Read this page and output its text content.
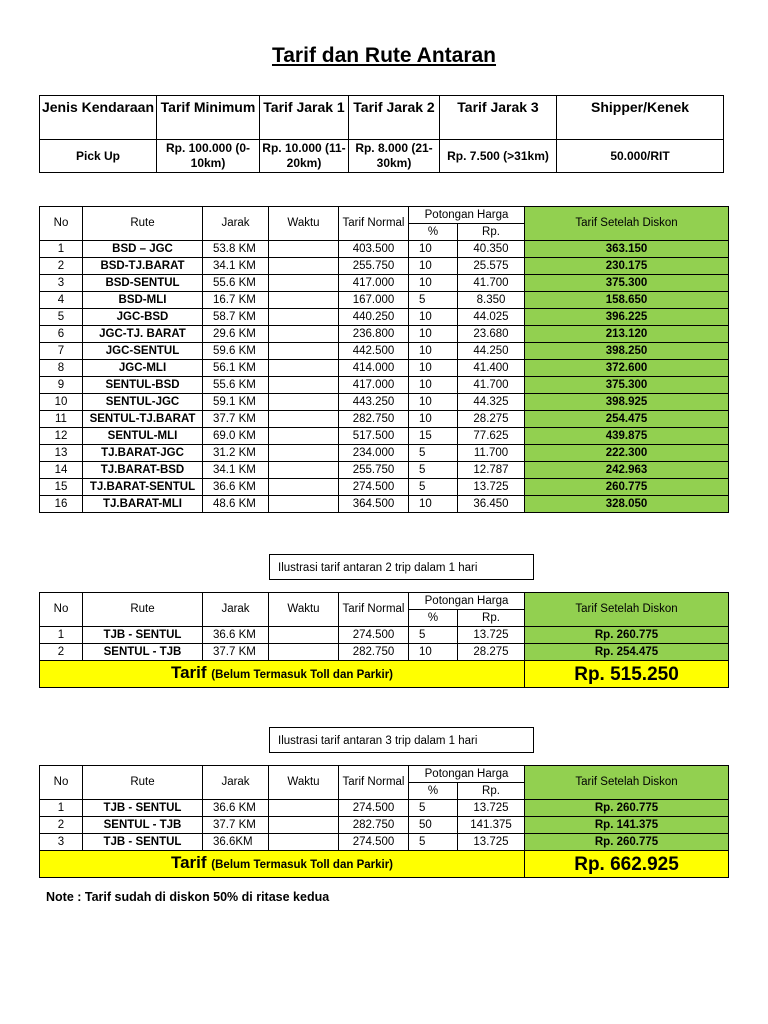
Tarif dan Rute Antaran
Jenis Kendaraan	Tarif Minimum	Tarif Jarak 1	Tarif Jarak 2	Tarif Jarak 3	Shipper/Kenek
Pick Up	Rp. 100.000 (0-10km)	Rp. 10.000 (11-20km)	Rp. 8.000 (21-30km)	Rp. 7.500 (>31km)	50.000/RIT
No	Rute	Jarak	Waktu	Tarif Normal	Potongan Harga		Tarif Setelah Diskon
					%	Rp.	
1	BSD – JGC	53.8 KM		403.500	10	40.350	363.150
2	BSD-TJ.BARAT	34.1 KM		255.750	10	25.575	230.175
3	BSD-SENTUL	55.6 KM		417.000	10	41.700	375.300
4	BSD-MLI	16.7 KM		167.000	5	8.350	158.650
5	JGC-BSD	58.7 KM		440.250	10	44.025	396.225
6	JGC-TJ. BARAT	29.6 KM		236.800	10	23.680	213.120
7	JGC-SENTUL	59.6 KM		442.500	10	44.250	398.250
8	JGC-MLI	56.1 KM		414.000	10	41.400	372.600
9	SENTUL-BSD	55.6 KM		417.000	10	41.700	375.300
10	SENTUL-JGC	59.1 KM		443.250	10	44.325	398.925
11	SENTUL-TJ.BARAT	37.7 KM		282.750	10	28.275	254.475
12	SENTUL-MLI	69.0 KM		517.500	15	77.625	439.875
13	TJ.BARAT-JGC	31.2 KM		234.000	5	11.700	222.300
14	TJ.BARAT-BSD	34.1 KM		255.750	5	12.787	242.963
15	TJ.BARAT-SENTUL	36.6 KM		274.500	5	13.725	260.775
16	TJ.BARAT-MLI	48.6 KM		364.500	10	36.450	328.050
Ilustrasi tarif antaran 2 trip dalam 1 hari
No	Rute	Jarak	Waktu	Tarif Normal	Potongan Harga		Tarif Setelah Diskon
					%	Rp.	
1	TJB - SENTUL	36.6 KM		274.500	5	13.725	Rp. 260.775
2	SENTUL - TJB	37.7 KM		282.750	10	28.275	Rp. 254.475
Tarif (Belum Termasuk Toll dan Parkir)							Rp. 515.250
Ilustrasi tarif antaran 3 trip dalam 1 hari
No	Rute	Jarak	Waktu	Tarif Normal	Potongan Harga		Tarif Setelah Diskon
					%	Rp.	
1	TJB - SENTUL	36.6 KM		274.500	5	13.725	Rp. 260.775
2	SENTUL - TJB	37.7 KM		282.750	50	141.375	Rp. 141.375
3	TJB - SENTUL	36.6KM		274.500	5	13.725	Rp. 260.775
Tarif (Belum Termasuk Toll dan Parkir)							Rp. 662.925
Note : Tarif sudah di diskon 50% di ritase kedua
